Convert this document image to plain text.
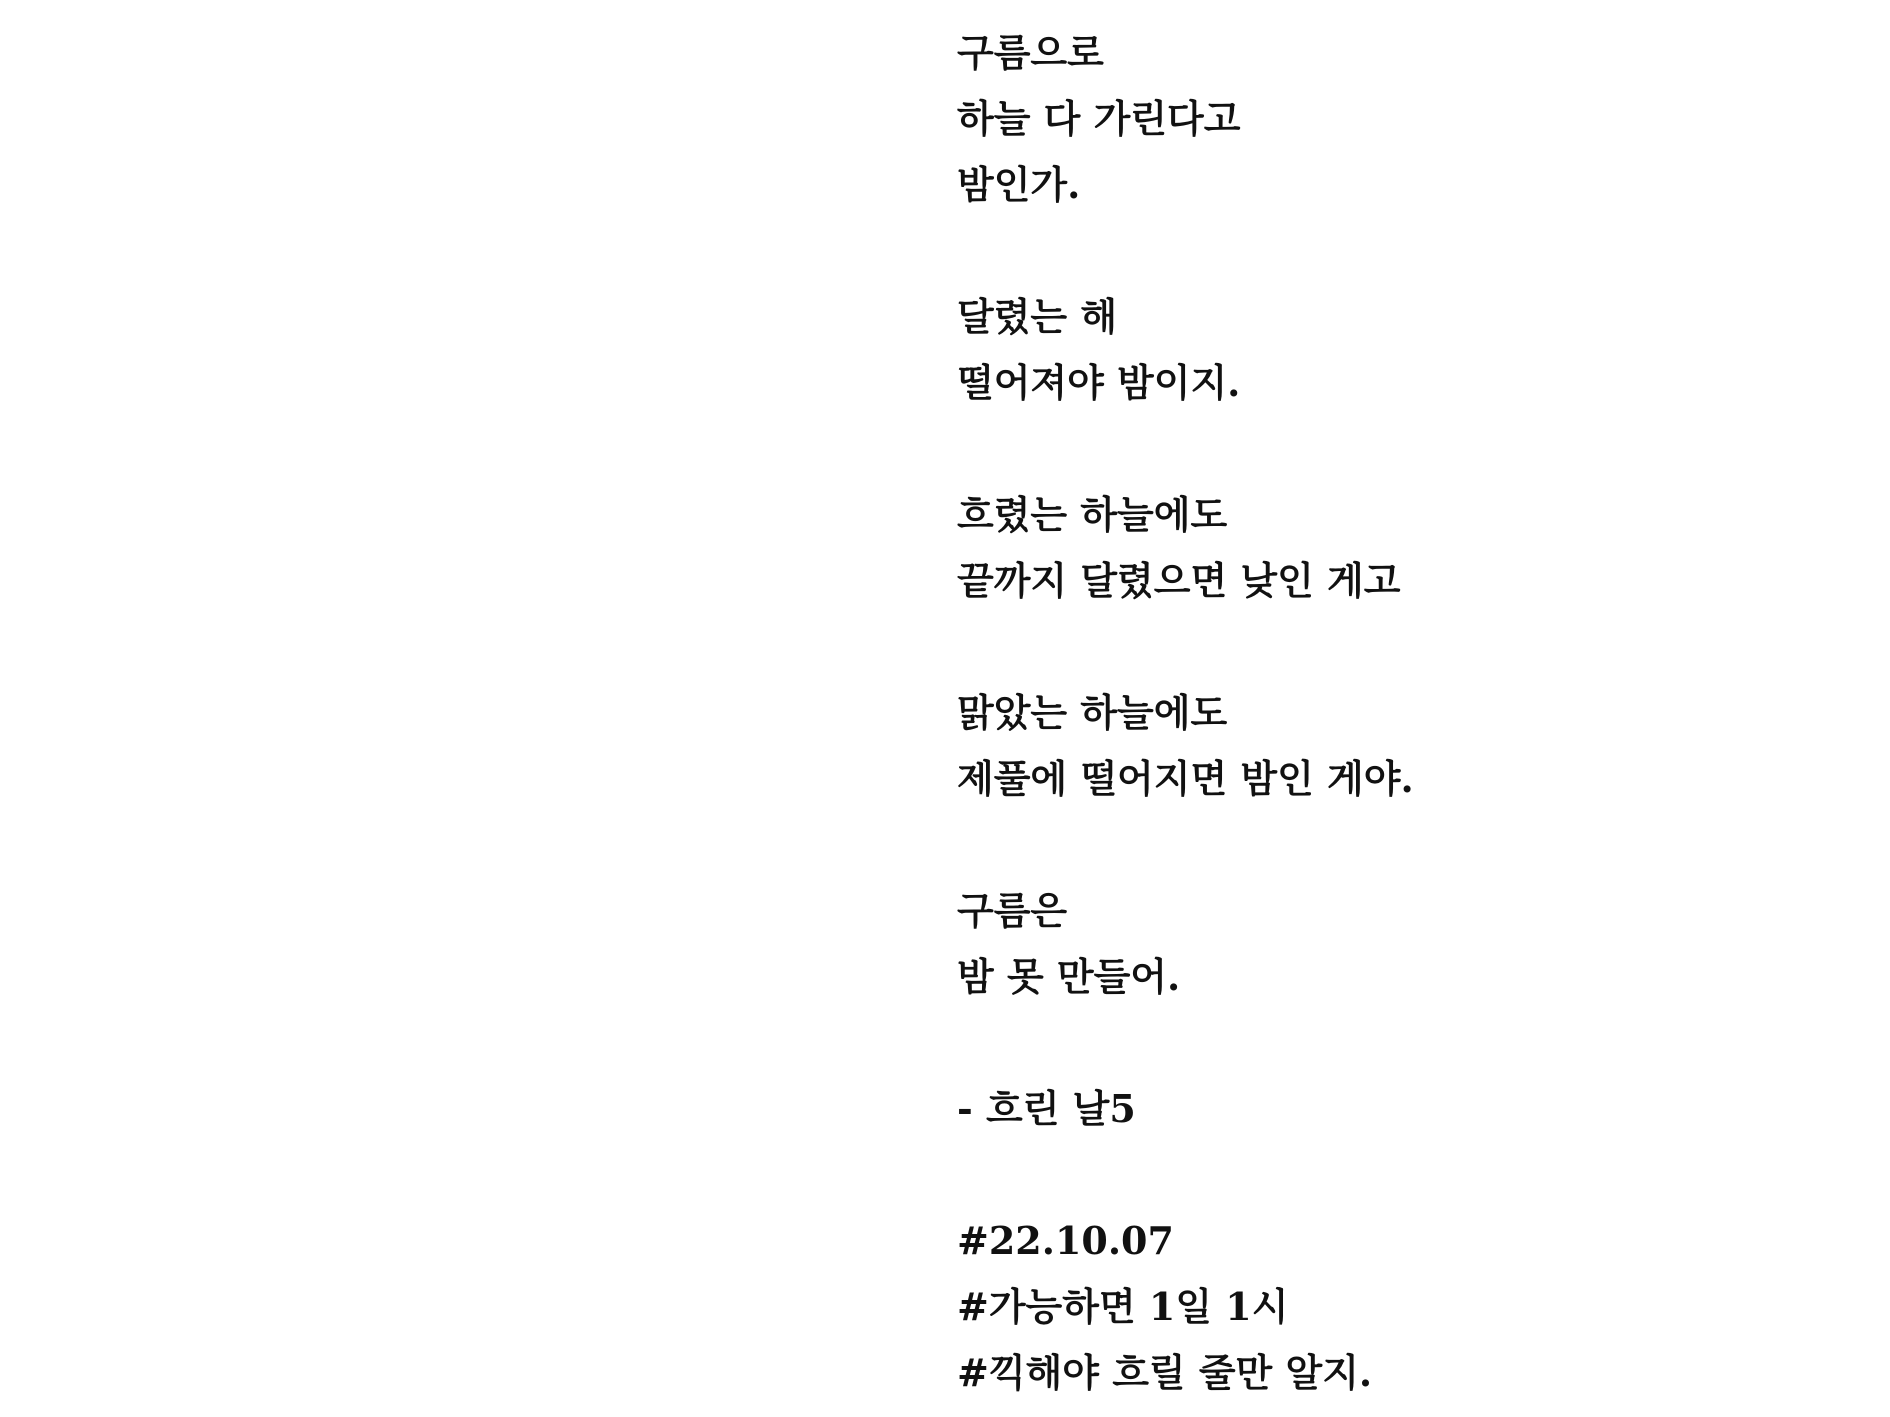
구름으로
하늘 다 가린다고
밤인가.
달렸는 해
떨어져야 밤이지.
흐렸는 하늘에도
끝까지 달렸으면 낮인 게고
맑았는 하늘에도
제풀에 떨어지면 밤인 게야.
구름은
밤 못 만들어.
- 흐린 날5
#22.10.07
#가능하면 1일 1시
#끽해야 흐릴 줄만 알지.
